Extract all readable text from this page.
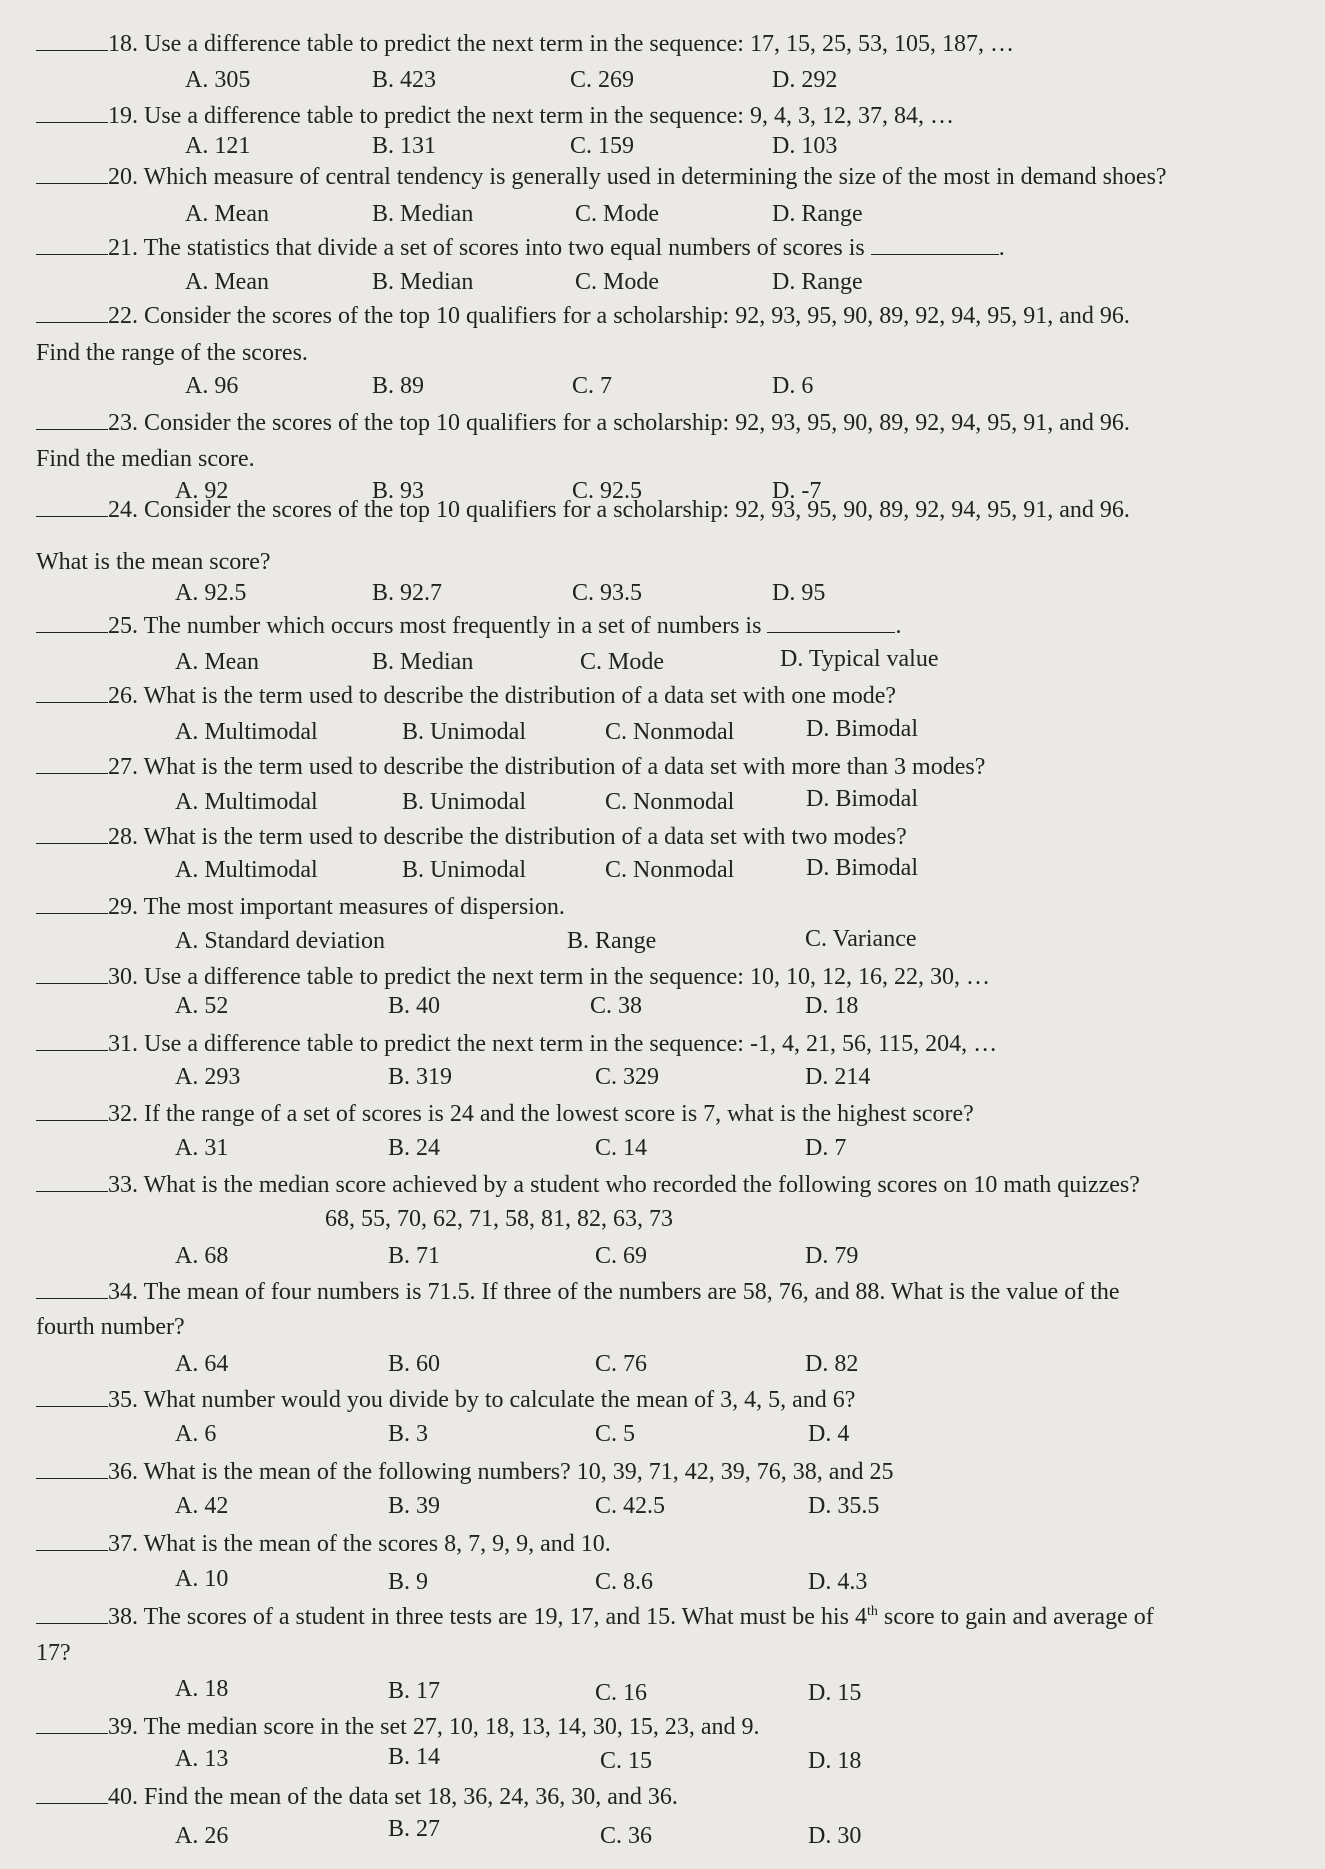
18. Use a difference table to predict the next term in the sequence: 17, 15, 25, 53, 105, 187, …
A. 305	B. 423	C. 269	D. 292
19. Use a difference table to predict the next term in the sequence: 9, 4, 3, 12, 37, 84, …
A. 121	B. 131	C. 159	D. 103
20. Which measure of central tendency is generally used in determining the size of the most in demand shoes?
A. Mean	B. Median	C. Mode	D. Range
21. The statistics that divide a set of scores into two equal numbers of scores is	.
A. Mean	B. Median	C. Mode	D. Range
22. Consider the scores of the top 10 qualifiers for a scholarship: 92, 93, 95, 90, 89, 92, 94, 95, 91, and 96.
Find the range of the scores.
A. 96	B. 89	C. 7	D. 6
23. Consider the scores of the top 10 qualifiers for a scholarship: 92, 93, 95, 90, 89, 92, 94, 95, 91, and 96.
Find the median score.
A. 92	B. 93	C. 92.5	D. -7
24. Consider the scores of the top 10 qualifiers for a scholarship: 92, 93, 95, 90, 89, 92, 94, 95, 91, and 96.
What is the mean score?
A. 92.5	B. 92.7	C. 93.5	D. 95
25. The number which occurs most frequently in a set of numbers is	.
A. Mean	B. Median	C. Mode	D. Typical value
26. What is the term used to describe the distribution of a data set with one mode?
A. Multimodal	B. Unimodal	C. Nonmodal	D. Bimodal
27. What is the term used to describe the distribution of a data set with more than 3 modes?
A. Multimodal	B. Unimodal	C. Nonmodal	D. Bimodal
28. What is the term used to describe the distribution of a data set with two modes?
A. Multimodal	B. Unimodal	C. Nonmodal	D. Bimodal
29. The most important measures of dispersion.
A. Standard deviation	B. Range	C. Variance
30. Use a difference table to predict the next term in the sequence: 10, 10, 12, 16, 22, 30, …
A. 52	B. 40	C. 38	D. 18
31. Use a difference table to predict the next term in the sequence: -1, 4, 21, 56, 115, 204, …
A. 293	B. 319	C. 329	D. 214
32. If the range of a set of scores is 24 and the lowest score is 7, what is the highest score?
A. 31	B. 24	C. 14	D. 7
33. What is the median score achieved by a student who recorded the following scores on 10 math quizzes?
68, 55, 70, 62, 71, 58, 81, 82, 63, 73
A. 68	B. 71	C. 69	D. 79
34. The mean of four numbers is 71.5. If three of the numbers are 58, 76, and 88. What is the value of the
fourth number?
A. 64	B. 60	C. 76	D. 82
35. What number would you divide by to calculate the mean of 3, 4, 5, and 6?
A. 6	B. 3	C. 5	D. 4
36. What is the mean of the following numbers? 10, 39, 71, 42, 39, 76, 38, and 25
A. 42	B. 39	C. 42.5	D. 35.5
37. What is the mean of the scores 8, 7, 9, 9, and 10.
A. 10	B. 9	C. 8.6	D. 4.3
38. The scores of a student in three tests are 19, 17, and 15. What must be his 4th score to gain and average of
17?
A. 18	B. 17	C. 16	D. 15
39. The median score in the set 27, 10, 18, 13, 14, 30, 15, 23, and 9.
A. 13	B. 14	C. 15	D. 18
40. Find the mean of the data set 18, 36, 24, 36, 30, and 36.
A. 26	B. 27	C. 36	D. 30
